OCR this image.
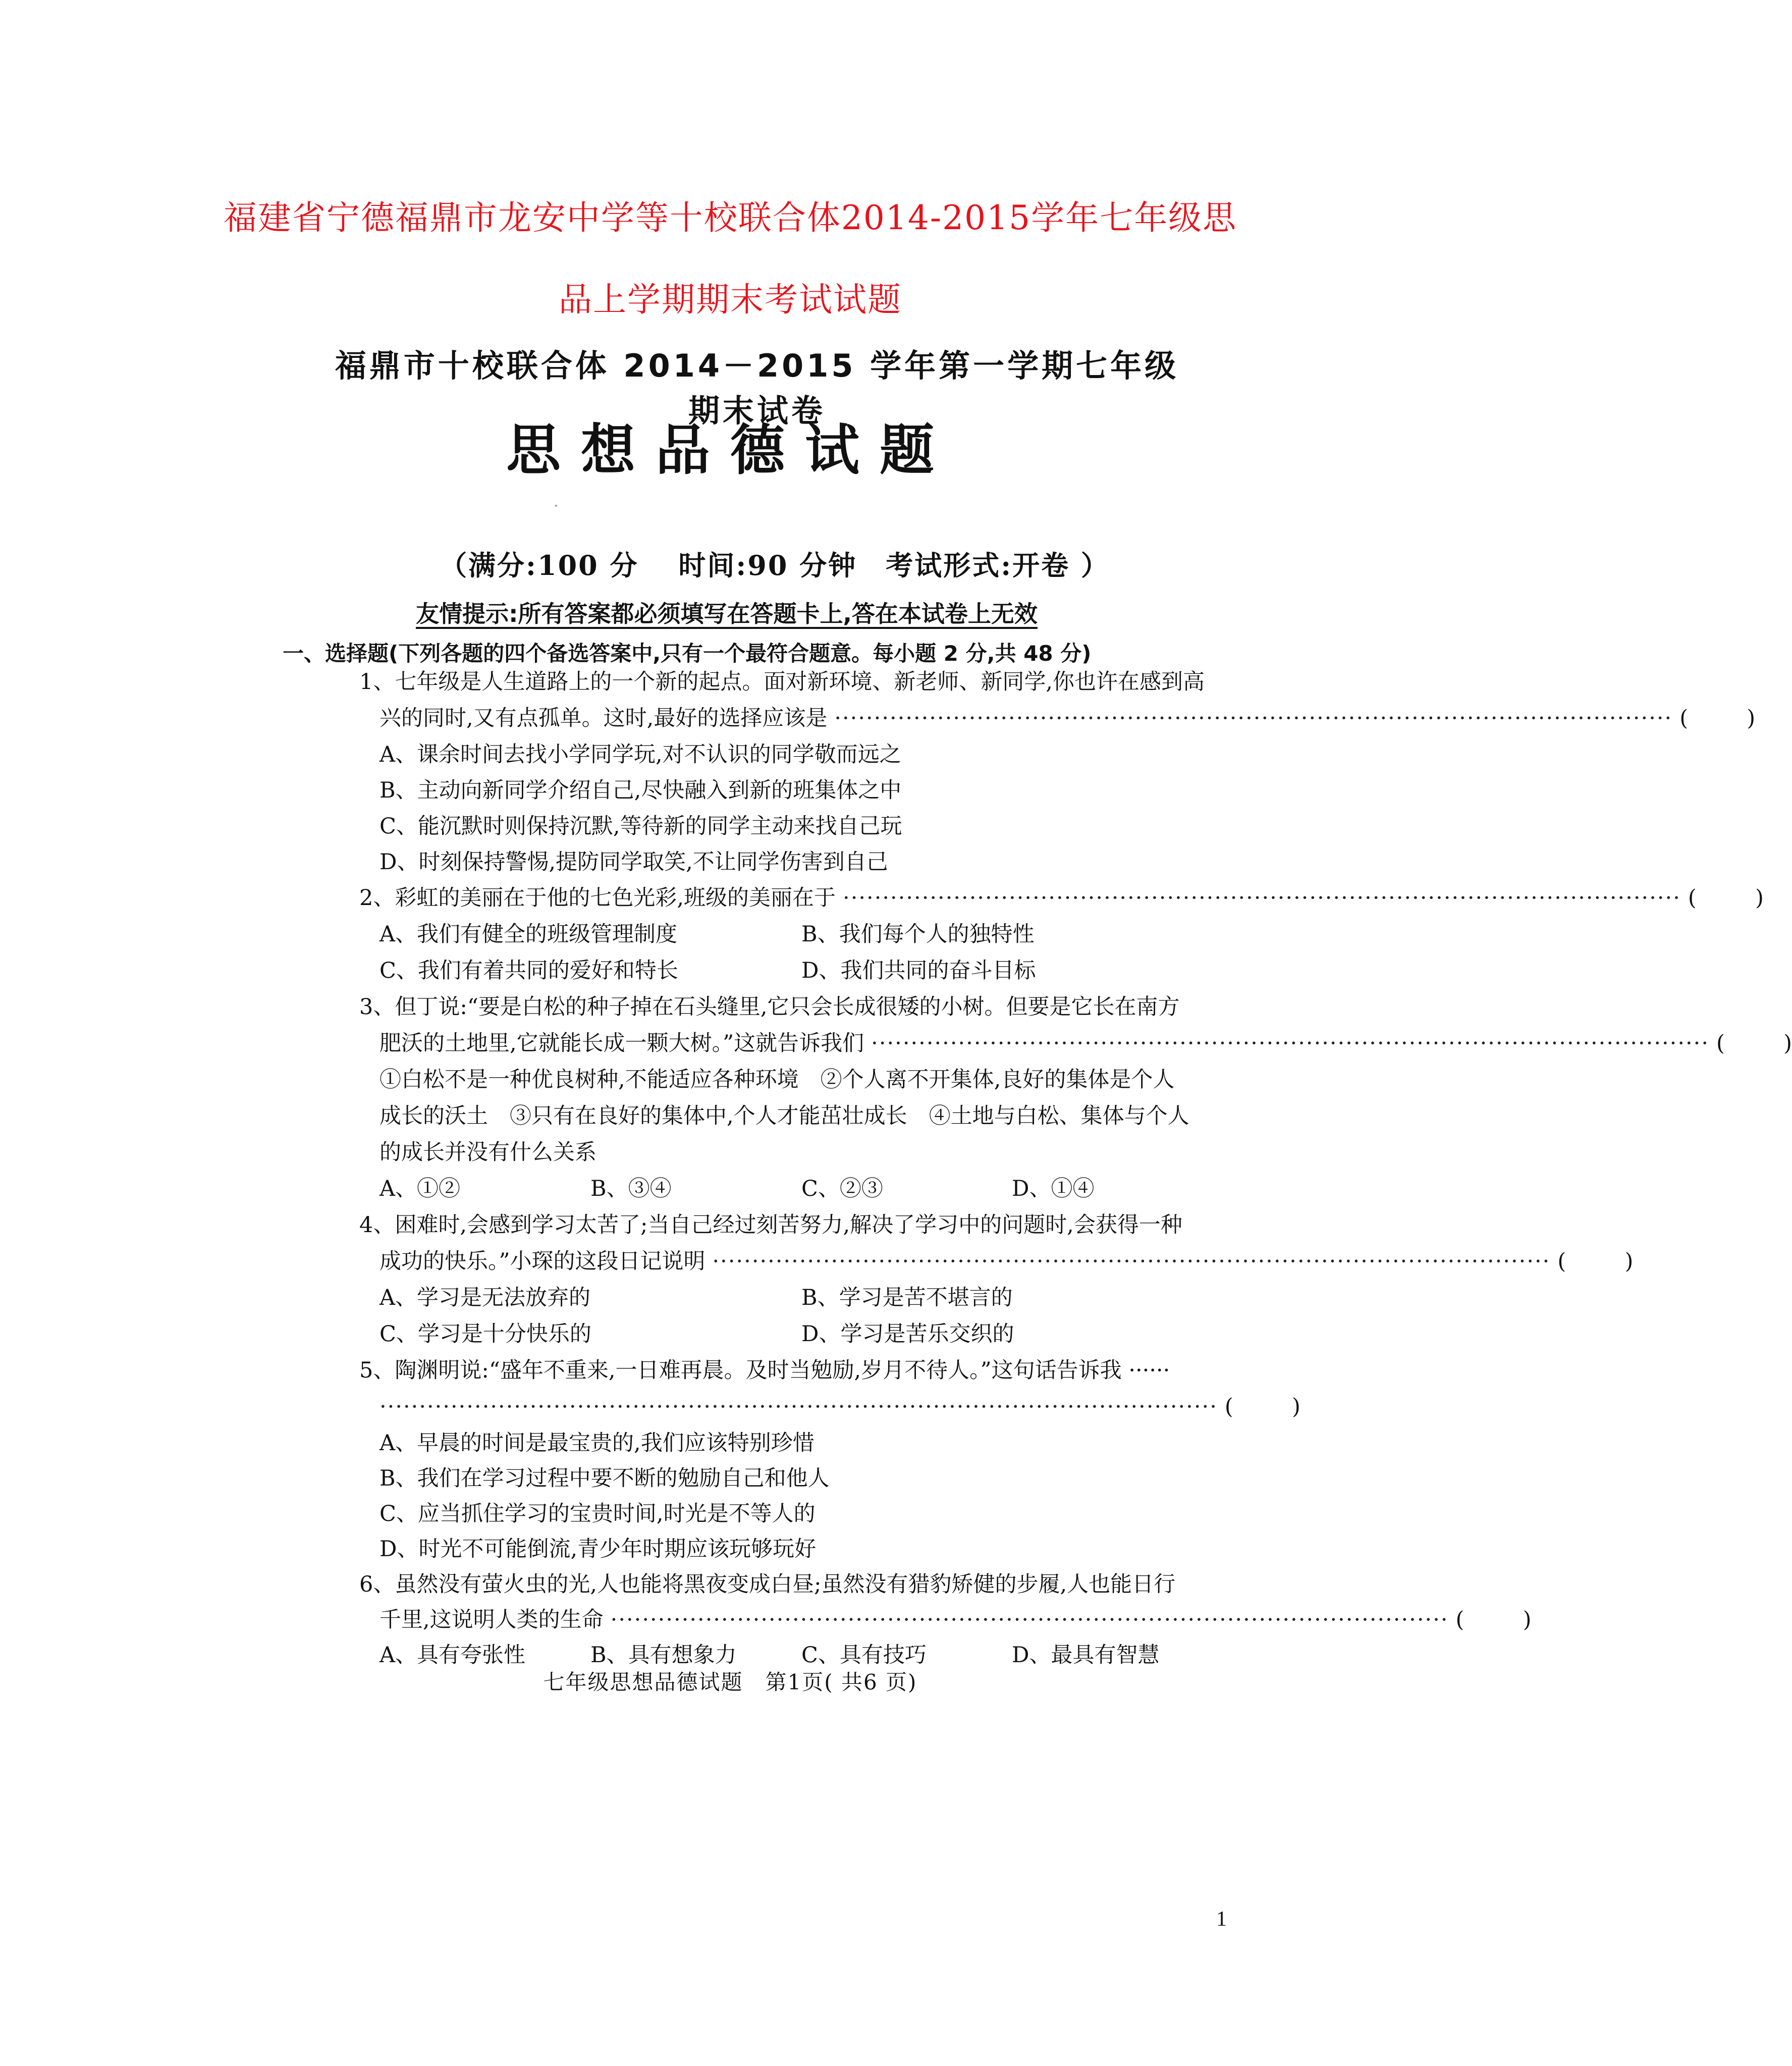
福建省宁德福鼎市龙安中学等十校联合体2014-2015学年七年级思
品上学期期末考试试题
福鼎市十校联合体 2014－2015 学年第一学期七年级期末试卷
思想品德试题
（满分:100 分　 时间:90 分钟　考试形式:开卷 ）
友情提示:所有答案都必须填写在答题卡上,答在本试卷上无效
一、选择题(下列各题的四个备选答案中,只有一个最符合题意。每小题 2 分,共 48 分)
1、七年级是人生道路上的一个新的起点。面对新环境、新老师、新同学,你也许在感到高
兴的同时,又有点孤单。这时,最好的选择应该是 ·········································································································· (	)
A、课余时间去找小学同学玩,对不认识的同学敬而远之
B、主动向新同学介绍自己,尽快融入到新的班集体之中
C、能沉默时则保持沉默,等待新的同学主动来找自己玩
D、时刻保持警惕,提防同学取笑,不让同学伤害到自己
2、彩虹的美丽在于他的七色光彩,班级的美丽在于 ·········································································································· (	)
A、我们有健全的班级管理制度	B、我们每个人的独特性
C、我们有着共同的爱好和特长	D、我们共同的奋斗目标
3、但丁说:“要是白松的种子掉在石头缝里,它只会长成很矮的小树。但要是它长在南方
肥沃的土地里,它就能长成一颗大树。”这就告诉我们 ·········································································································· (	)
①白松不是一种优良树种,不能适应各种环境　②个人离不开集体,良好的集体是个人
成长的沃土　③只有在良好的集体中,个人才能茁壮成长　④土地与白松、集体与个人
的成长并没有什么关系
A、①②	B、③④	C、②③	D、①④
4、困难时,会感到学习太苦了;当自己经过刻苦努力,解决了学习中的问题时,会获得一种
成功的快乐。”小琛的这段日记说明 ·········································································································· (	)
A、学习是无法放弃的	B、学习是苦不堪言的
C、学习是十分快乐的	D、学习是苦乐交织的
5、陶渊明说:“盛年不重来,一日难再晨。及时当勉励,岁月不待人。”这句话告诉我 ······
·········································································································· (	)
A、早晨的时间是最宝贵的,我们应该特别珍惜
B、我们在学习过程中要不断的勉励自己和他人
C、应当抓住学习的宝贵时间,时光是不等人的
D、时光不可能倒流,青少年时期应该玩够玩好
6、虽然没有萤火虫的光,人也能将黑夜变成白昼;虽然没有猎豹矫健的步履,人也能日行
千里,这说明人类的生命 ·········································································································· (	)
A、具有夸张性	B、具有想象力	C、具有技巧	D、最具有智慧
七年级思想品德试题　第1页( 共6 页)
1
